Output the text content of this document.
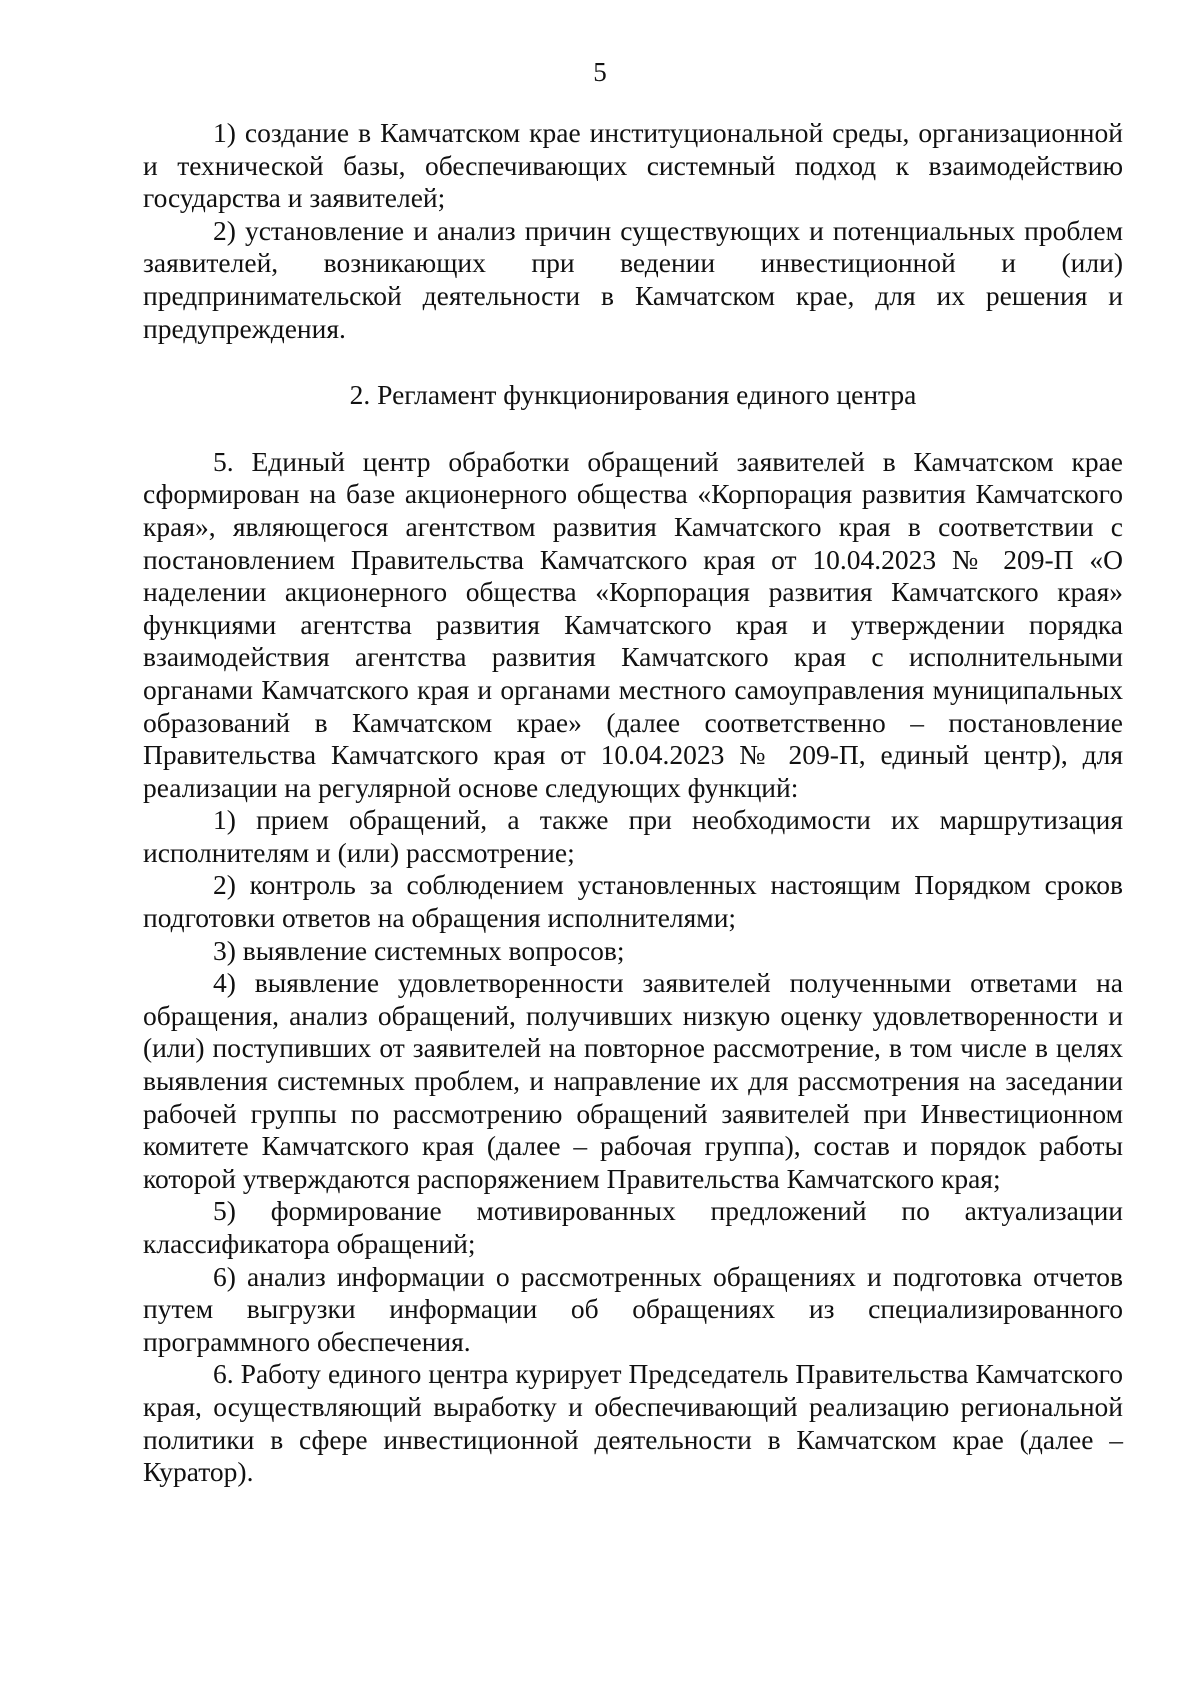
5

1) создание в Камчатском крае институциональной среды, организационной и технической базы, обеспечивающих системный подход к взаимодействию государства и заявителей;

2) установление и анализ причин существующих и потенциальных проблем заявителей, возникающих при ведении инвестиционной и (или) предпринимательской деятельности в Камчатском крае, для их решения и предупреждения.

2. Регламент функционирования единого центра

5. Единый центр обработки обращений заявителей в Камчатском крае сформирован на базе акционерного общества «Корпорация развития Камчатского края», являющегося агентством развития Камчатского края в соответствии с постановлением Правительства Камчатского края от 10.04.2023 № 209-П «О наделении акционерного общества «Корпорация развития Камчатского края» функциями агентства развития Камчатского края и утверждении порядка взаимодействия агентства развития Камчатского края с исполнительными органами Камчатского края и органами местного самоуправления муниципальных образований в Камчатском крае» (далее соответственно – постановление Правительства Камчатского края от 10.04.2023 № 209-П, единый центр), для реализации на регулярной основе следующих функций:

1) прием обращений, а также при необходимости их маршрутизация исполнителям и (или) рассмотрение;

2) контроль за соблюдением установленных настоящим Порядком сроков подготовки ответов на обращения исполнителями;

3) выявление системных вопросов;

4) выявление удовлетворенности заявителей полученными ответами на обращения, анализ обращений, получивших низкую оценку удовлетворенности и (или) поступивших от заявителей на повторное рассмотрение, в том числе в целях выявления системных проблем, и направление их для рассмотрения на заседании рабочей группы по рассмотрению обращений заявителей при Инвестиционном комитете Камчатского края (далее – рабочая группа), состав и порядок работы которой утверждаются распоряжением Правительства Камчатского края;

5) формирование мотивированных предложений по актуализации классификатора обращений;

6) анализ информации о рассмотренных обращениях и подготовка отчетов путем выгрузки информации об обращениях из специализированного программного обеспечения.

6. Работу единого центра курирует Председатель Правительства Камчатского края, осуществляющий выработку и обеспечивающий реализацию региональной политики в сфере инвестиционной деятельности в Камчатском крае (далее – Куратор).
